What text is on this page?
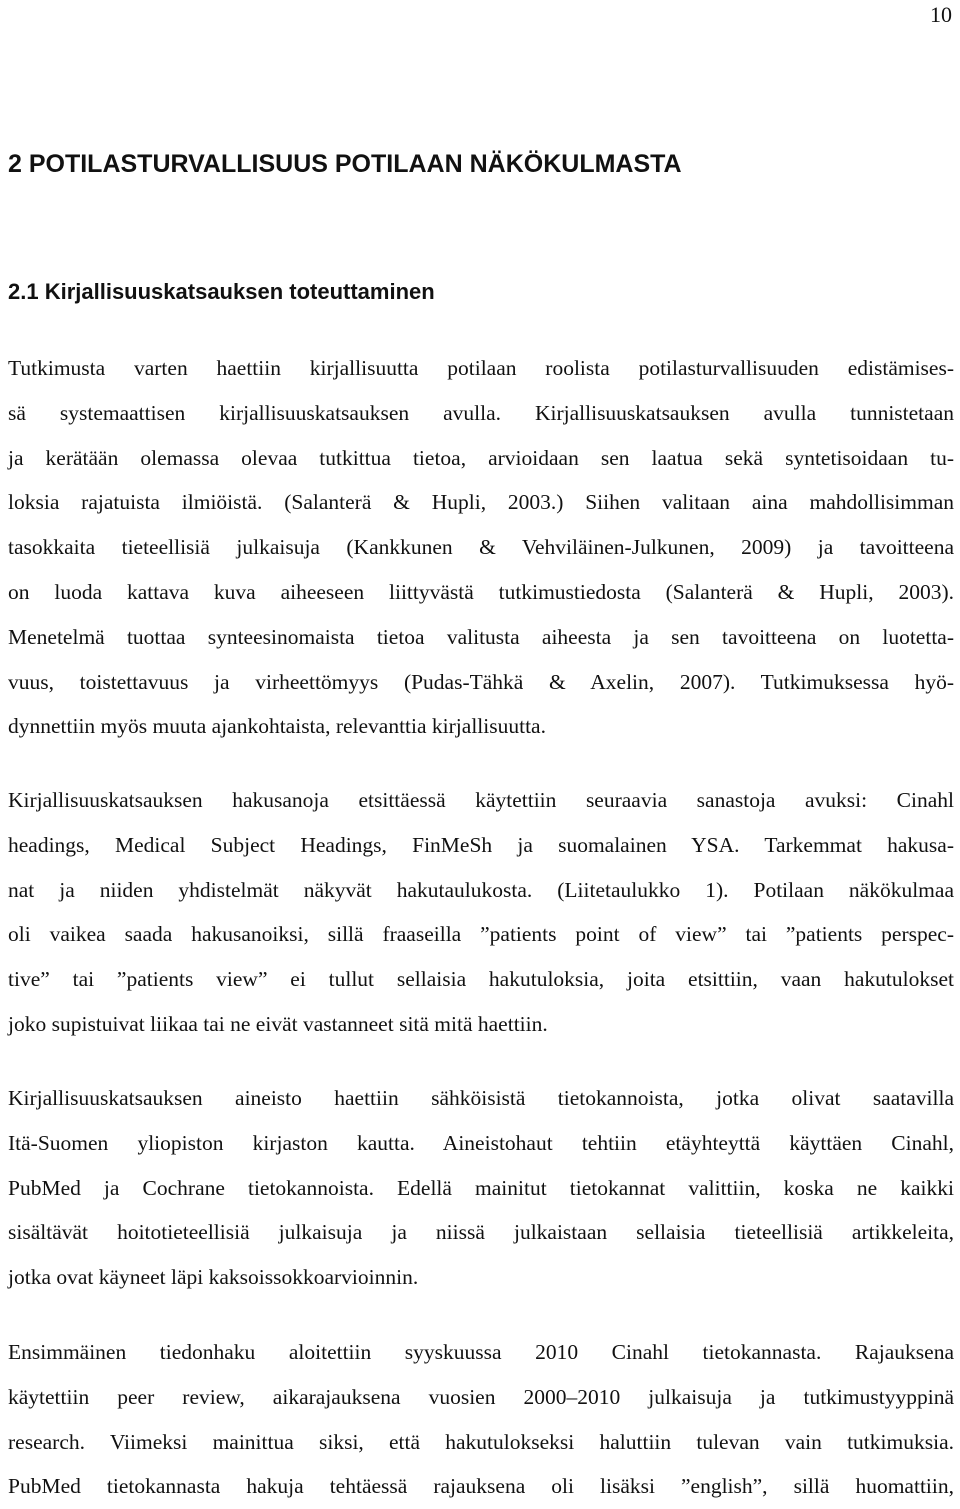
10
2 POTILASTURVALLISUUS POTILAAN NÄKÖKULMASTA
2.1 Kirjallisuuskatsauksen toteuttaminen
Tutkimusta varten haettiin kirjallisuutta potilaan roolista potilasturvallisuuden edistämises-
sä systemaattisen kirjallisuuskatsauksen avulla. Kirjallisuuskatsauksen avulla tunnistetaan
ja kerätään olemassa olevaa tutkittua tietoa, arvioidaan sen laatua sekä syntetisoidaan tu-
loksia rajatuista ilmiöistä. (Salanterä & Hupli, 2003.) Siihen valitaan aina mahdollisimman
tasokkaita tieteellisiä julkaisuja (Kankkunen & Vehviläinen-Julkunen, 2009) ja tavoitteena
on luoda kattava kuva aiheeseen liittyvästä tutkimustiedosta (Salanterä & Hupli, 2003).
Menetelmä tuottaa synteesinomaista tietoa valitusta aiheesta ja sen tavoitteena on luotetta-
vuus, toistettavuus ja virheettömyys (Pudas-Tähkä & Axelin, 2007). Tutkimuksessa hyö-
dynnettiin myös muuta ajankohtaista, relevanttia kirjallisuutta.
Kirjallisuuskatsauksen hakusanoja etsittäessä käytettiin seuraavia sanastoja avuksi: Cinahl
headings, Medical Subject Headings, FinMeSh ja suomalainen YSA. Tarkemmat hakusa-
nat ja niiden yhdistelmät näkyvät hakutaulukosta. (Liitetaulukko 1). Potilaan näkökulmaa
oli vaikea saada hakusanoiksi, sillä fraaseilla ”patients point of view” tai ”patients perspec-
tive” tai ”patients view” ei tullut sellaisia hakutuloksia, joita etsittiin, vaan hakutulokset
joko supistuivat liikaa tai ne eivät vastanneet sitä mitä haettiin.
Kirjallisuuskatsauksen aineisto haettiin sähköisistä tietokannoista, jotka olivat saatavilla
Itä-Suomen yliopiston kirjaston kautta. Aineistohaut tehtiin etäyhteyttä käyttäen Cinahl,
PubMed ja Cochrane tietokannoista. Edellä mainitut tietokannat valittiin, koska ne kaikki
sisältävät hoitotieteellisiä julkaisuja ja niissä julkaistaan sellaisia tieteellisiä artikkeleita,
jotka ovat käyneet läpi kaksoissokkoarvioinnin.
Ensimmäinen tiedonhaku aloitettiin syyskuussa 2010 Cinahl tietokannasta. Rajauksena
käytettiin peer review, aikarajauksena vuosien 2000–2010 julkaisuja ja tutkimustyyppinä
research. Viimeksi mainittua siksi, että hakutulokseksi haluttiin tulevan vain tutkimuksia.
PubMed tietokannasta hakuja tehtäessä rajauksena oli lisäksi ”english”, sillä huomattiin,
